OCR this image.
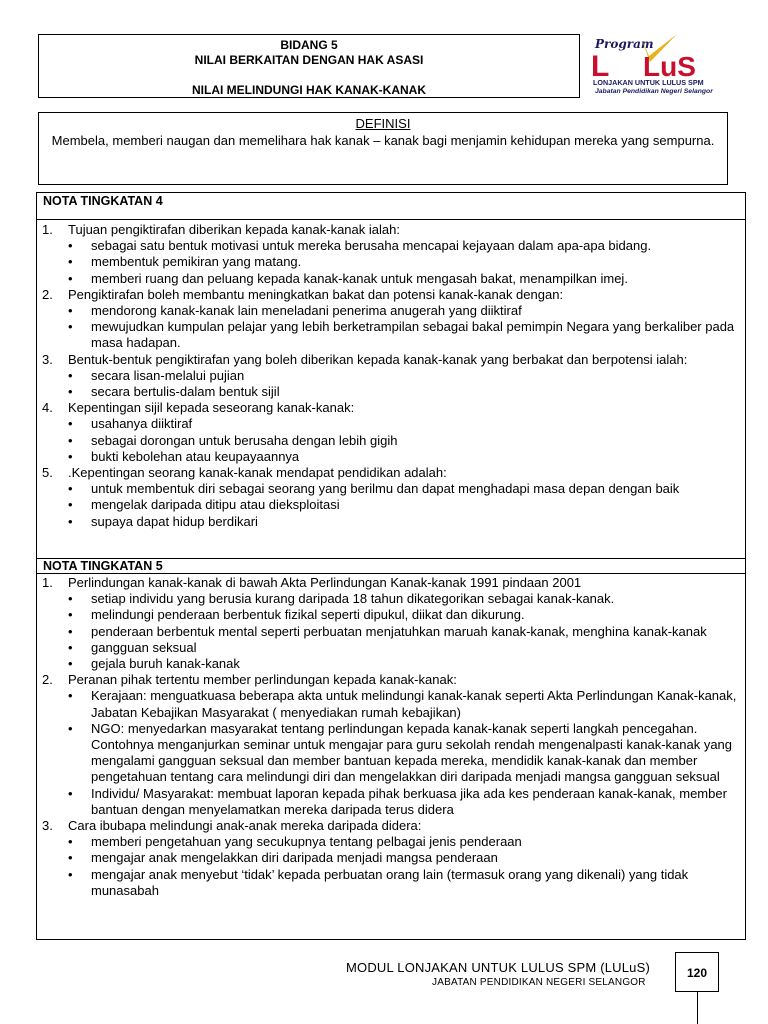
BIDANG 5
NILAI BERKAITAN DENGAN HAK ASASI
NILAI MELINDUNGI HAK KANAK-KANAK
Program
L LuS
LONJAKAN UNTUK LULUS SPM
Jabatan Pendidikan Negeri Selangor
DEFINISI
Membela, memberi naugan dan memelihara hak kanak – kanak bagi menjamin kehidupan mereka yang sempurna.
NOTA TINGKATAN 4
1. Tujuan pengiktirafan diberikan kepada kanak-kanak ialah:
• sebagai satu bentuk motivasi untuk mereka berusaha mencapai kejayaan dalam apa-apa bidang.
• membentuk pemikiran yang matang.
• memberi ruang dan peluang kepada kanak-kanak untuk mengasah bakat, menampilkan imej.
2. Pengiktirafan boleh membantu meningkatkan bakat dan potensi kanak-kanak dengan:
• mendorong kanak-kanak lain meneladani penerima anugerah yang diiktiraf
• mewujudkan kumpulan pelajar yang lebih berketrampilan sebagai bakal pemimpin Negara yang berkaliber pada masa hadapan.
3. Bentuk-bentuk pengiktirafan yang boleh diberikan kepada kanak-kanak yang berbakat dan berpotensi ialah:
• secara lisan-melalui pujian
• secara bertulis-dalam bentuk sijil
4. Kepentingan sijil kepada seseorang kanak-kanak:
• usahanya diiktiraf
• sebagai dorongan untuk berusaha dengan lebih gigih
• bukti kebolehan atau keupayaannya
5. .Kepentingan seorang kanak-kanak mendapat pendidikan adalah:
• untuk membentuk diri sebagai seorang yang berilmu dan dapat menghadapi masa depan dengan baik
• mengelak daripada ditipu atau dieksploitasi
• supaya dapat hidup berdikari
NOTA TINGKATAN 5
1. Perlindungan kanak-kanak di bawah Akta Perlindungan Kanak-kanak 1991 pindaan 2001
• setiap individu yang berusia kurang daripada 18 tahun dikategorikan sebagai kanak-kanak.
• melindungi penderaan berbentuk fizikal seperti dipukul, diikat dan dikurung.
• penderaan berbentuk mental seperti perbuatan menjatuhkan maruah kanak-kanak, menghina kanak-kanak
• gangguan seksual
• gejala buruh kanak-kanak
2. Peranan pihak tertentu member perlindungan kepada kanak-kanak:
• Kerajaan: menguatkuasa beberapa akta untuk melindungi kanak-kanak seperti Akta Perlindungan Kanak-kanak, Jabatan Kebajikan Masyarakat ( menyediakan rumah kebajikan)
• NGO: menyedarkan masyarakat tentang perlindungan kepada kanak-kanak seperti langkah pencegahan. Contohnya menganjurkan seminar untuk mengajar para guru sekolah rendah mengenalpasti kanak-kanak yang mengalami gangguan seksual dan member bantuan kepada mereka, mendidik kanak-kanak dan member pengetahuan tentang cara melindungi diri dan mengelakkan diri daripada menjadi mangsa gangguan seksual
• Individu/ Masyarakat: membuat laporan kepada pihak berkuasa jika ada kes penderaan kanak-kanak, member bantuan dengan menyelamatkan mereka daripada terus didera
3. Cara ibubapa melindungi anak-anak mereka daripada didera:
• memberi pengetahuan yang secukupnya tentang pelbagai jenis penderaan
• mengajar anak mengelakkan diri daripada menjadi mangsa penderaan
• mengajar anak menyebut ‘tidak’ kepada perbuatan orang lain (termasuk orang yang dikenali) yang tidak munasabah
MODUL LONJAKAN UNTUK LULUS SPM (LULuS)
JABATAN PENDIDIKAN NEGERI SELANGOR
120
